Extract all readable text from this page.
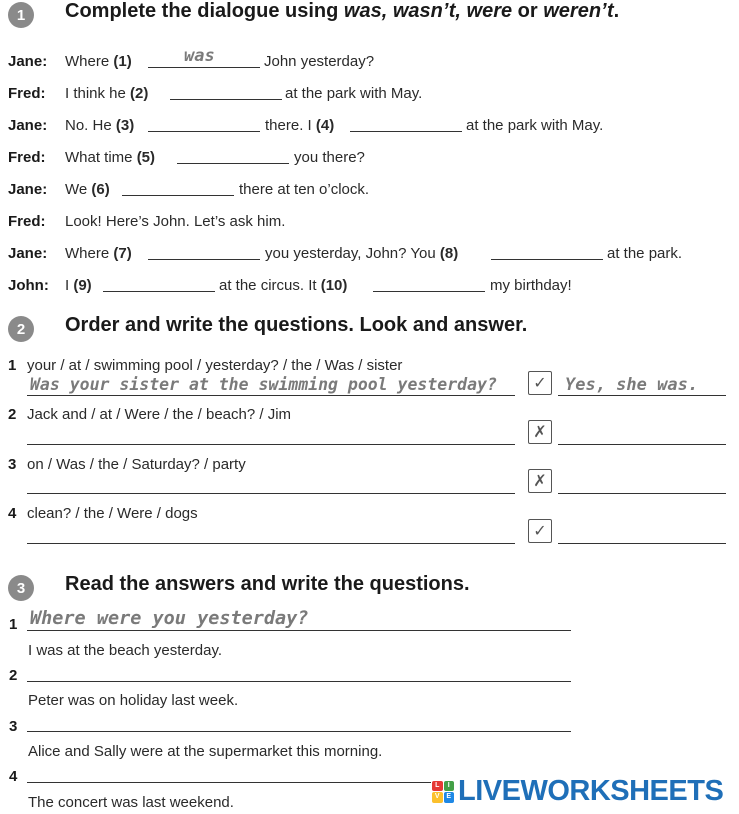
1	Complete the dialogue using was, wasn’t, were or weren’t.
Jane: Where (1)	was	John yesterday?
Fred: I think he (2)	at the park with May.
Jane: No. He (3)	there. I (4)	at the park with May.
Fred: What time (5)	you there?
Jane: We (6)	there at ten o’clock.
Fred: Look! Here’s John. Let’s ask him.
Jane: Where (7)	you yesterday, John? You (8)	at the park.
John: I (9)	at the circus. It (10)	my birthday!
2	Order and write the questions. Look and answer.
1 your / at / swimming pool / yesterday? / the / Was / sister
Was your sister at the swimming pool yesterday?	✓	Yes, she was.
2 Jack and / at / Were / the / beach? / Jim
✗
3 on / Was / the / Saturday? / party
✗
4 clean? / the / Were / dogs
✓
3	Read the answers and write the questions.
1 Where were you yesterday?
I was at the beach yesterday.
2
Peter was on holiday last week.
3
Alice and Sally were at the supermarket this morning.
4
The concert was last weekend.
L	I
V E LIVEWORKSHEETS
